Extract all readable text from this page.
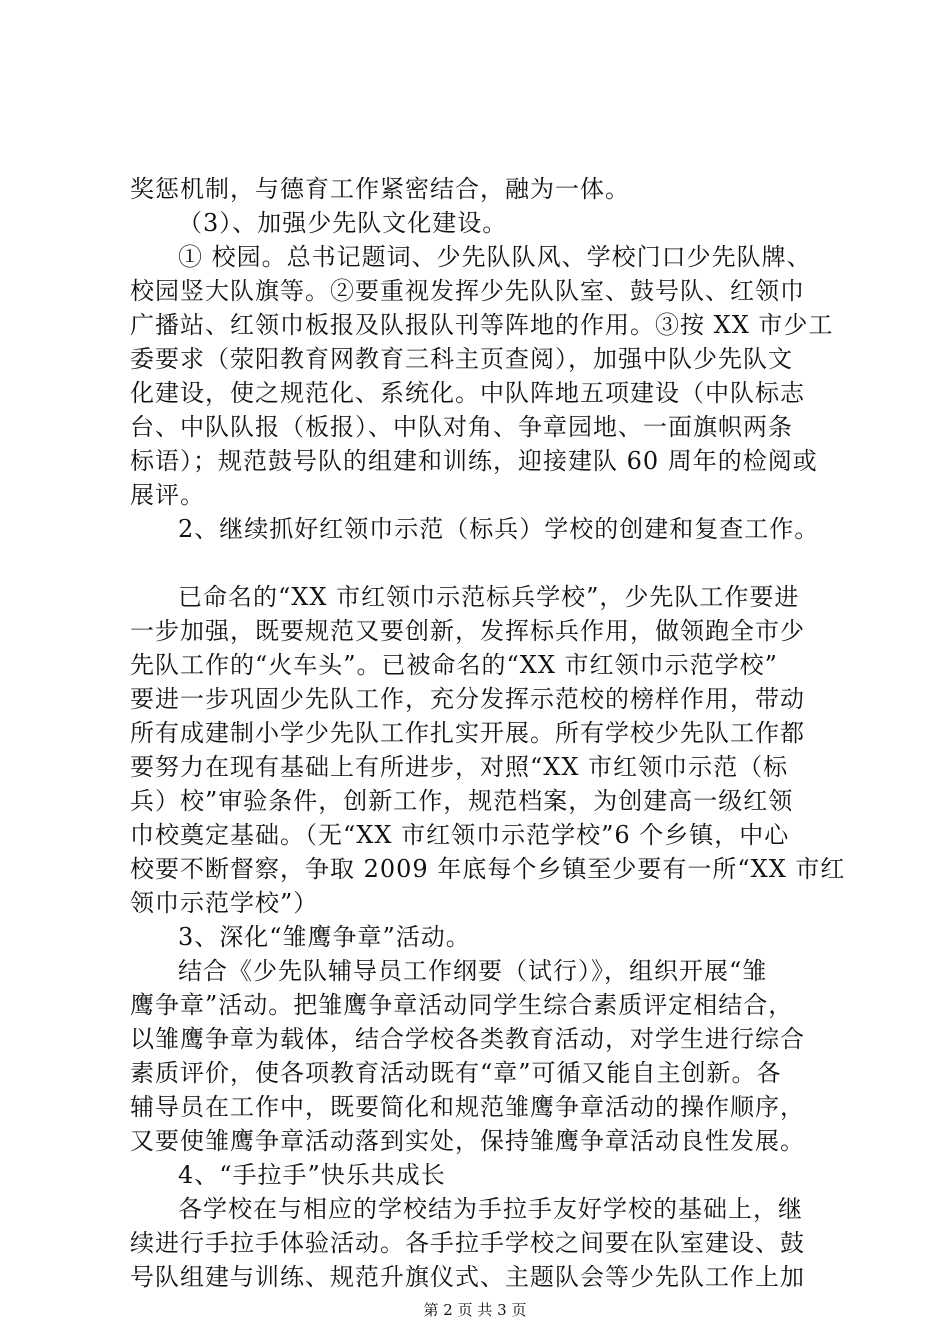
奖惩机制，与德育工作紧密结合，融为一体。
（3）、加强少先队文化建设。
① 校园。总书记题词、少先队队风、学校门口少先队牌、
校园竖大队旗等。②要重视发挥少先队队室、鼓号队、红领巾
广播站、红领巾板报及队报队刊等阵地的作用。③按 XX 市少工
委要求（荥阳教育网教育三科主页查阅），加强中队少先队文
化建设，使之规范化、系统化。中队阵地五项建设（中队标志
台、中队队报（板报）、中队对角、争章园地、一面旗帜两条
标语）；规范鼓号队的组建和训练，迎接建队 60 周年的检阅或
展评。
2、继续抓好红领巾示范（标兵）学校的创建和复查工作。
已命名的“XX 市红领巾示范标兵学校”，少先队工作要进
一步加强，既要规范又要创新，发挥标兵作用，做领跑全市少
先队工作的“火车头”。已被命名的“XX 市红领巾示范学校”
要进一步巩固少先队工作，充分发挥示范校的榜样作用，带动
所有成建制小学少先队工作扎实开展。所有学校少先队工作都
要努力在现有基础上有所进步，对照“XX 市红领巾示范（标
兵）校”审验条件，创新工作，规范档案，为创建高一级红领
巾校奠定基础。（无“XX 市红领巾示范学校”6 个乡镇，中心
校要不断督察，争取 2009 年底每个乡镇至少要有一所“XX 市红
领巾示范学校”）
3、深化“雏鹰争章”活动。
结合《少先队辅导员工作纲要（试行）》，组织开展“雏
鹰争章”活动。把雏鹰争章活动同学生综合素质评定相结合，
以雏鹰争章为载体，结合学校各类教育活动，对学生进行综合
素质评价，使各项教育活动既有“章”可循又能自主创新。各
辅导员在工作中，既要简化和规范雏鹰争章活动的操作顺序，
又要使雏鹰争章活动落到实处，保持雏鹰争章活动良性发展。
4、“手拉手”快乐共成长
各学校在与相应的学校结为手拉手友好学校的基础上，继
续进行手拉手体验活动。各手拉手学校之间要在队室建设、鼓
号队组建与训练、规范升旗仪式、主题队会等少先队工作上加
第 2 页 共 3 页
